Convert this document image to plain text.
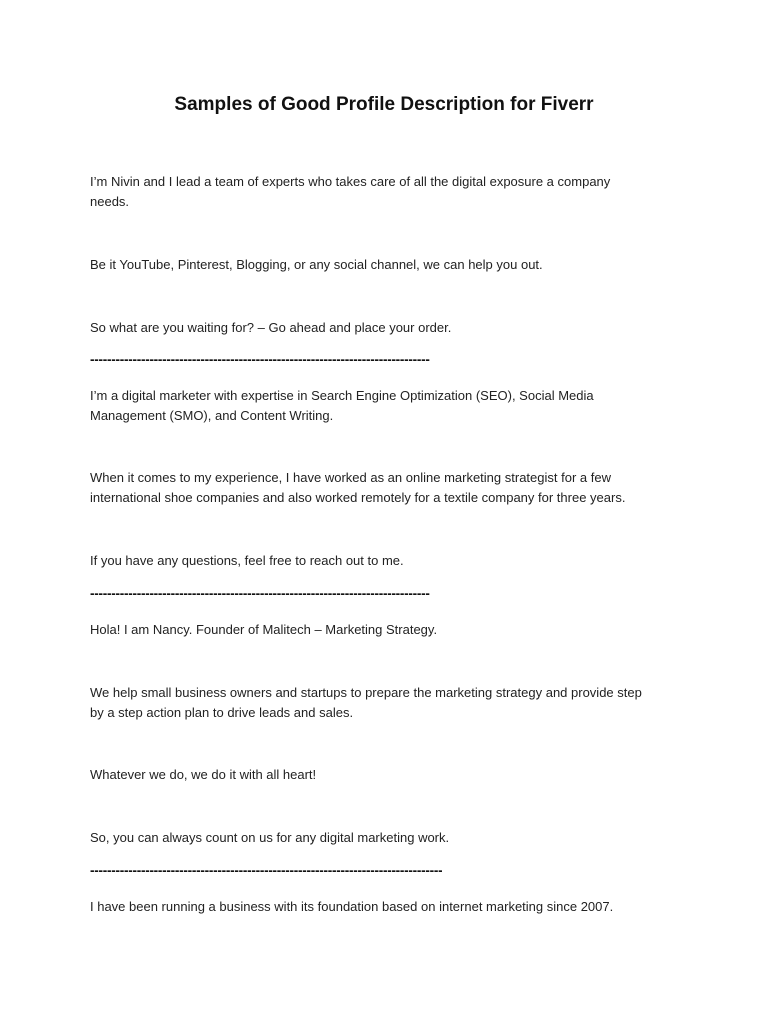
Samples of Good Profile Description for Fiverr
I’m Nivin and I lead a team of experts who takes care of all the digital exposure a company
needs.
Be it YouTube, Pinterest, Blogging, or any social channel, we can help you out.
So what are you waiting for? – Go ahead and place your order.
--------------------------------------------------------------------------------
I’m a digital marketer with expertise in Search Engine Optimization (SEO), Social Media
Management (SMO), and Content Writing.
When it comes to my experience, I have worked as an online marketing strategist for a few
international shoe companies and also worked remotely for a textile company for three years.
If you have any questions, feel free to reach out to me.
--------------------------------------------------------------------------------
Hola! I am Nancy. Founder of Malitech – Marketing Strategy.
We help small business owners and startups to prepare the marketing strategy and provide step
by a step action plan to drive leads and sales.
Whatever we do, we do it with all heart!
So, you can always count on us for any digital marketing work.
-----------------------------------------------------------------------------------
I have been running a business with its foundation based on internet marketing since 2007.
